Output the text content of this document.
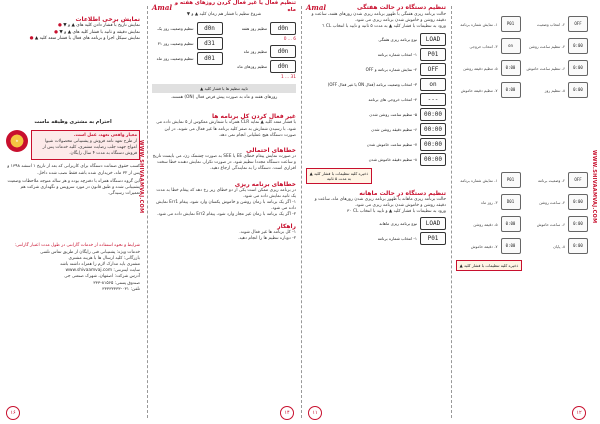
نمایش برخی اطلاعات
نمایش تاریخ با فشار دادن کلید های ▲ و ▼ ●
نمایش دقیقه و ثانیه با فشار کلید های ▲ و ▼ ●
نمایش سیکل اجرا و برنامه های فعال با فشار متعد کلید ▲ ●
احترام به مشتری وظیفه ماست
★
معیار واقعی تعهد، عمل است.
از طرح تعهد نامه فروش و پشتیبانی محصولات شیوا امواج جهت جلب رضایت مشتری، کلیه خدمات پس از فروش دستگاه به مدت ۴ سال رایگان.
کسب حقوق ضمانت دستگاه برای کاربرانی که بعد از تاریخ ۱ اسفند ۱۳۹۸ و پس از ۳۲ ماه، خریداری شده باشد فقط نصب شده داخل.
این گروه دستگاه همراه با دفترچه بوده و هر ساله متوجه ملاحظات وضعیت پشتیبانی شده و طبق قانون در مورد سرویس و نگهداری شرکت هم تعمیرات رسیدگی.
شرایط و نحوه استفاده از خدمات گارانتی در طول مدت اعتبار گارانتی:
خدمات ویژه: پشتیبانی فنی رایگان از طریق تماس تلفنی
بازرگانی: کلیه ارسال ها با هزینه مشتری
مشتری باید مدارک لازم را همراه داشته باشد
سایت اینترنتی: www.shivaamvaj.com
آدرس شرکت: اصفهان، شهرک صنعتی جی
صندوق پستی: ۸۱۵۶۵-۳۳۳
تلفن: ۰۳۱-۳۳۳۳۳۳۳۳
۱۶
WWW.SHIVAAMVAJ.COM
Amal تنظیم فعال یا غیر فعال کردن روزهای هفته و ماه
شروع تنظیم با فشار هم زمان کلید ▲ و ▼
تنظیم وضعیت روز یک	d0n
تنظیم وضعیت روز ۳۱	d31
تنظیم وضعیت روز ماه	d01
تنظیم روز هفته	d0n
6 ... 0
تنظیم روز ماه	d0n
تنظیم روزهای ماه	d0n
31 ... 1
تایید تنظیم ها با فشار کلید ▲
روزهای هفته و ماه به صورت پیش فرض فعال (ON) هستند.
غیر فعال کردن کل برنامه ها
با فشار متعد کلید ▲ نمایه CLR همراه با شمارش معکوس از ۵ نمایش داده می شود. با رسیدن شمارش به صفر کلیه برنامه ها غیر فعال می شوند. در این صورت دستگاه هیچ عملیاتی انجام نمی دهد.
خطاهای احتمالی
در صورت نمایش پیغام خطای EE یا SEE به صورت چشمک زن، می بایست تاریخ و ساعت دستگاه مجددا تنظیم شود. در صورت تکرار، نمایش دهنده خطا سخت افزاری است. دستگاه را به نمایندگی ارجاع دهید.
خطاهای برنامه ریزی
در برنامه ریزی ممکن است یکی از دو خطای زیر رخ دهد که پیغام خطا به مدت یک ثانیه نمایش داده می شود.
۱- اگر یک برنامه با زمان روشن و خاموش یکسان وارد شود، پیغام Err1 نمایش داده می شود.
۲- اگر یک برنامه با زمان غیر مجاز وارد شود، پیغام Err2 نمایش داده می شود.
راهکار
۱- کل برنامه ها غیر فعال شوند.
۲- دوباره تنظیم ها را انجام دهید.
۱۴
Amal	تنظیم دستگاه در حالت هفتگی
حالت برنامه ریزی هفتگی با ظهور برنامه ریزی شدن روزهای هفته، ساعت و دقیقه روشن و خاموش شدن برنامه ریزی می شود.
ورود به تنظیمات با فشار کلید ▲ به مدت ۵ ثانیه و تایید با انتخاب CL ٦
نوع برنامه ریزی هفتگی	LOAD
۱- انتخاب شماره برنامه	P01
۲- نمایش شماره برنامه و OFF	OFF
۳- انتخاب وضعیت برنامه (فعال ON یا غیر فعال OFF)	on
۴- انتخاب خروجی های برنامه	---
۵- تنظیم ساعت روشن شدن	00:00
۶- تنظیم دقیقه روشن شدن	00:00
۷- تنظیم ساعت خاموش شدن	00:00
۸- تنظیم دقیقه خاموش شدن	00:00
ذخیره کلیه تنظیمات با فشار کلید ▲ به مدت ۵ ثانیه
تنظیم دستگاه در حالت ماهانه
حالت برنامه ریزی ماهانه با ظهور برنامه ریزی شدن روزهای ماه، ساعت و دقیقه روشن و خاموش شدن برنامه ریزی می شود.
ورود به تنظیمات با فشار کلید ▲ و تایید با انتخاب CL ٣٠
نوع برنامه ریزی ماهانه	LOAD
۱- انتخاب شماره برنامه	P01
۱۱
۱- نمایش شماره برنامه	P01	۲- انتخاب وضعیت	OFF
۳- انتخاب خروجی	on	۴- تنظیم ساعت روشن	0:00
۵- تنظیم دقیقه روشن	0:00	۶- تنظیم ساعت خاموش	0:00
۷- تنظیم دقیقه خاموش	0:00	۸- تنظیم روز	0:00
۱- نمایش شماره برنامه	P01	۲- وضعیت برنامه	OFF
۳- روز ماه	D01	۴- ساعت روشن	0:00
۵- دقیقه روشن	0:00	۶- ساعت خاموش	0:00
۷- دقیقه خاموش	0:00	۸- پایان	0:00
ذخیره کلیه تنظیمات با فشار کلید ▲
۱۲
WWW.SHIVAAMVAJ.COM
